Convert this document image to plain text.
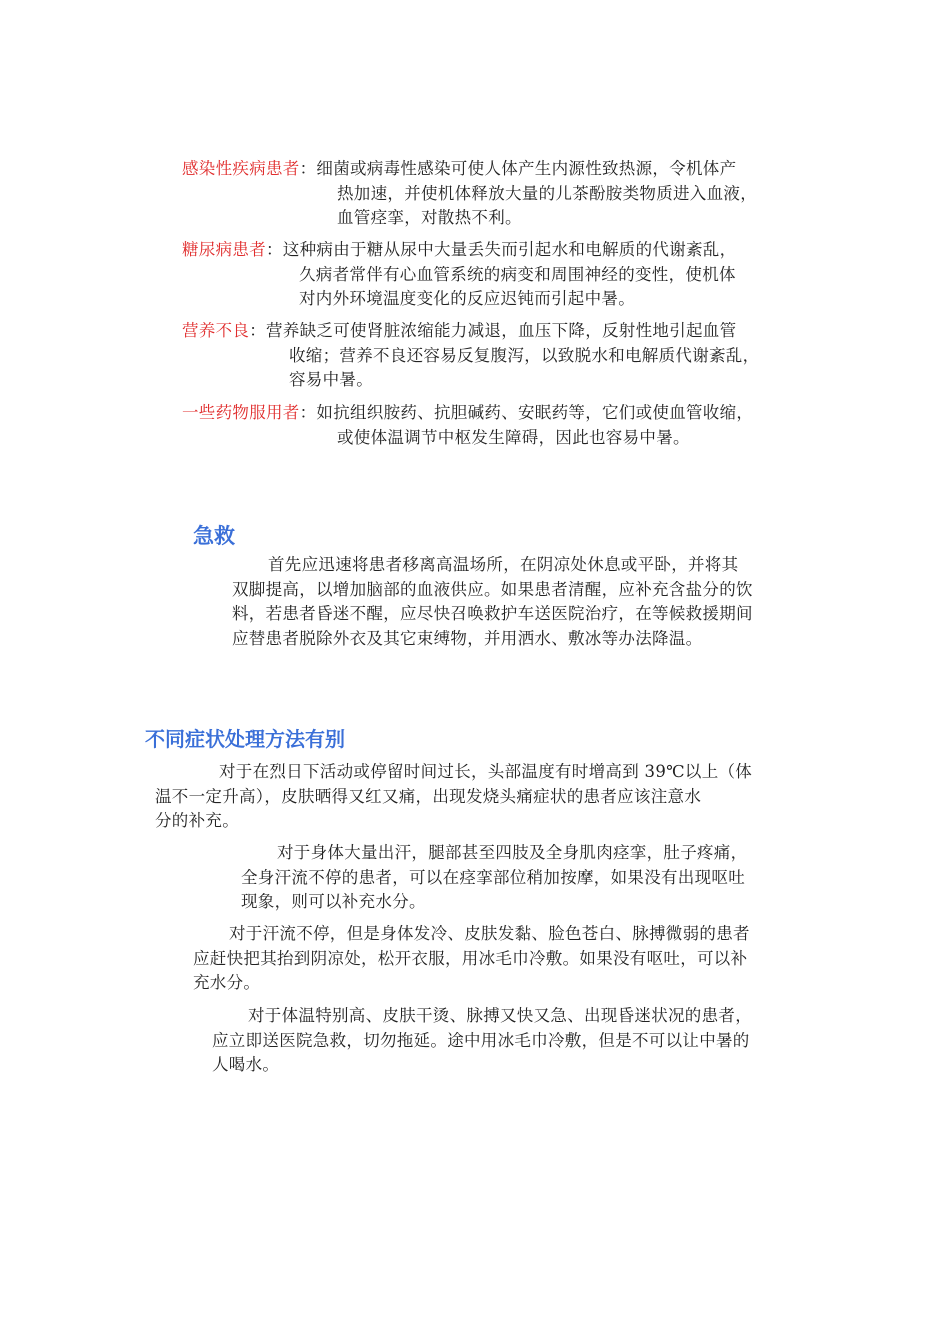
感染性疾病患者：细菌或病毒性感染可使人体产生内源性致热源，令机体产
热加速，并使机体释放大量的儿茶酚胺类物质进入血液，
血管痉挛，对散热不利。
糖尿病患者：这种病由于糖从尿中大量丢失而引起水和电解质的代谢紊乱，
久病者常伴有心血管系统的病变和周围神经的变性，使机体
对内外环境温度变化的反应迟钝而引起中暑。
营养不良：营养缺乏可使肾脏浓缩能力减退，血压下降，反射性地引起血管
收缩；营养不良还容易反复腹泻，以致脱水和电解质代谢紊乱，
容易中暑。
一些药物服用者：如抗组织胺药、抗胆碱药、安眠药等，它们或使血管收缩，
或使体温调节中枢发生障碍，因此也容易中暑。
急救
首先应迅速将患者移离高温场所，在阴凉处休息或平卧，并将其
双脚提高，以增加脑部的血液供应。如果患者清醒，应补充含盐分的饮
料，若患者昏迷不醒，应尽快召唤救护车送医院治疗，在等候救援期间
应替患者脱除外衣及其它束缚物，并用洒水、敷冰等办法降温。
不同症状处理方法有别
对于在烈日下活动或停留时间过长，头部温度有时增高到 39℃以上（体
温不一定升高），皮肤晒得又红又痛，出现发烧头痛症状的患者应该注意水
分的补充。
对于身体大量出汗，腿部甚至四肢及全身肌肉痉挛，肚子疼痛，
全身汗流不停的患者，可以在痉挛部位稍加按摩，如果没有出现呕吐
现象，则可以补充水分。
对于汗流不停，但是身体发冷、皮肤发黏、脸色苍白、脉搏微弱的患者
应赶快把其抬到阴凉处，松开衣服，用冰毛巾冷敷。如果没有呕吐，可以补
充水分。
对于体温特别高、皮肤干烫、脉搏又快又急、出现昏迷状况的患者，
应立即送医院急救，切勿拖延。途中用冰毛巾冷敷，但是不可以让中暑的
人喝水。
